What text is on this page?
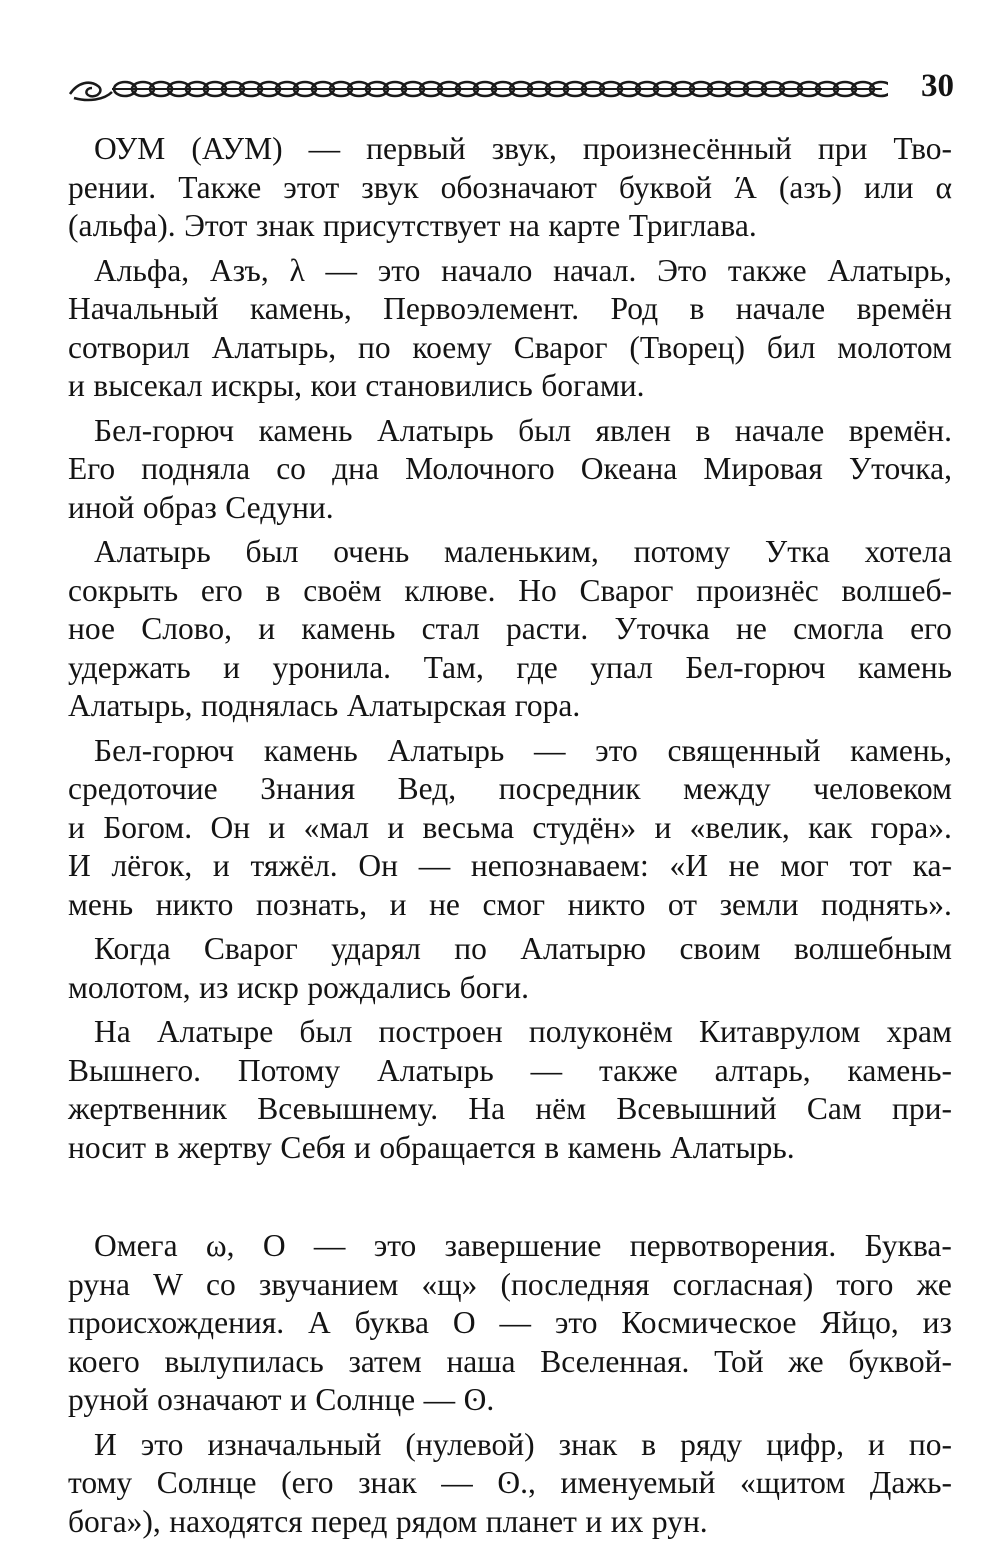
30
ОУМ (АУМ) — первый звук, произнесённый при Тво-
рении. Также этот звук обозначают буквой Ά (азъ) или α
(альфа). Этот знак присутствует на карте Триглава.
Альфа, Азъ, λ — это начало начал. Это также Алатырь,
Начальный камень, Первоэлемент. Род в начале времён
сотворил Алатырь, по коему Сварог (Творец) бил молотом
и высекал искры, кои становились богами.
Бел-горюч камень Алатырь был явлен в начале времён.
Его подняла со дна Молочного Океана Мировая Уточка,
иной образ Седуни.
Алатырь был очень маленьким, потому Утка хотела
сокрыть его в своём клюве. Но Сварог произнёс волшеб-
ное Слово, и камень стал расти. Уточка не смогла его
удержать и уронила. Там, где упал Бел-горюч камень
Алатырь, поднялась Алатырская гора.
Бел-горюч камень Алатырь — это священный камень,
средоточие Знания Вед, посредник между человеком
и Богом. Он и «мал и весьма студён» и «велик, как гора».
И лёгок, и тяжёл. Он — непознаваем: «И не мог тот ка-
мень никто познать, и не смог никто от земли поднять».
Когда Сварог ударял по Алатырю своим волшебным
молотом, из искр рождались боги.
На Алатыре был построен полуконём Китаврулом храм
Вышнего. Потому Алатырь — также алтарь, камень-
жертвенник Всевышнему. На нём Всевышний Сам при-
носит в жертву Себя и обращается в камень Алатырь.
Омега ω, О — это завершение первотворения. Буква-
руна W со звучанием «щ» (последняя согласная) того же
происхождения. А буква О — это Космическое Яйцо, из
коего вылупилась затем наша Вселенная. Той же буквой-
руной означают и Солнце — ʘ.
И это изначальный (нулевой) знак в ряду цифр, и по-
тому Солнце (его знак — ʘ., именуемый «щитом Дажь-
бога»), находятся перед рядом планет и их рун.
